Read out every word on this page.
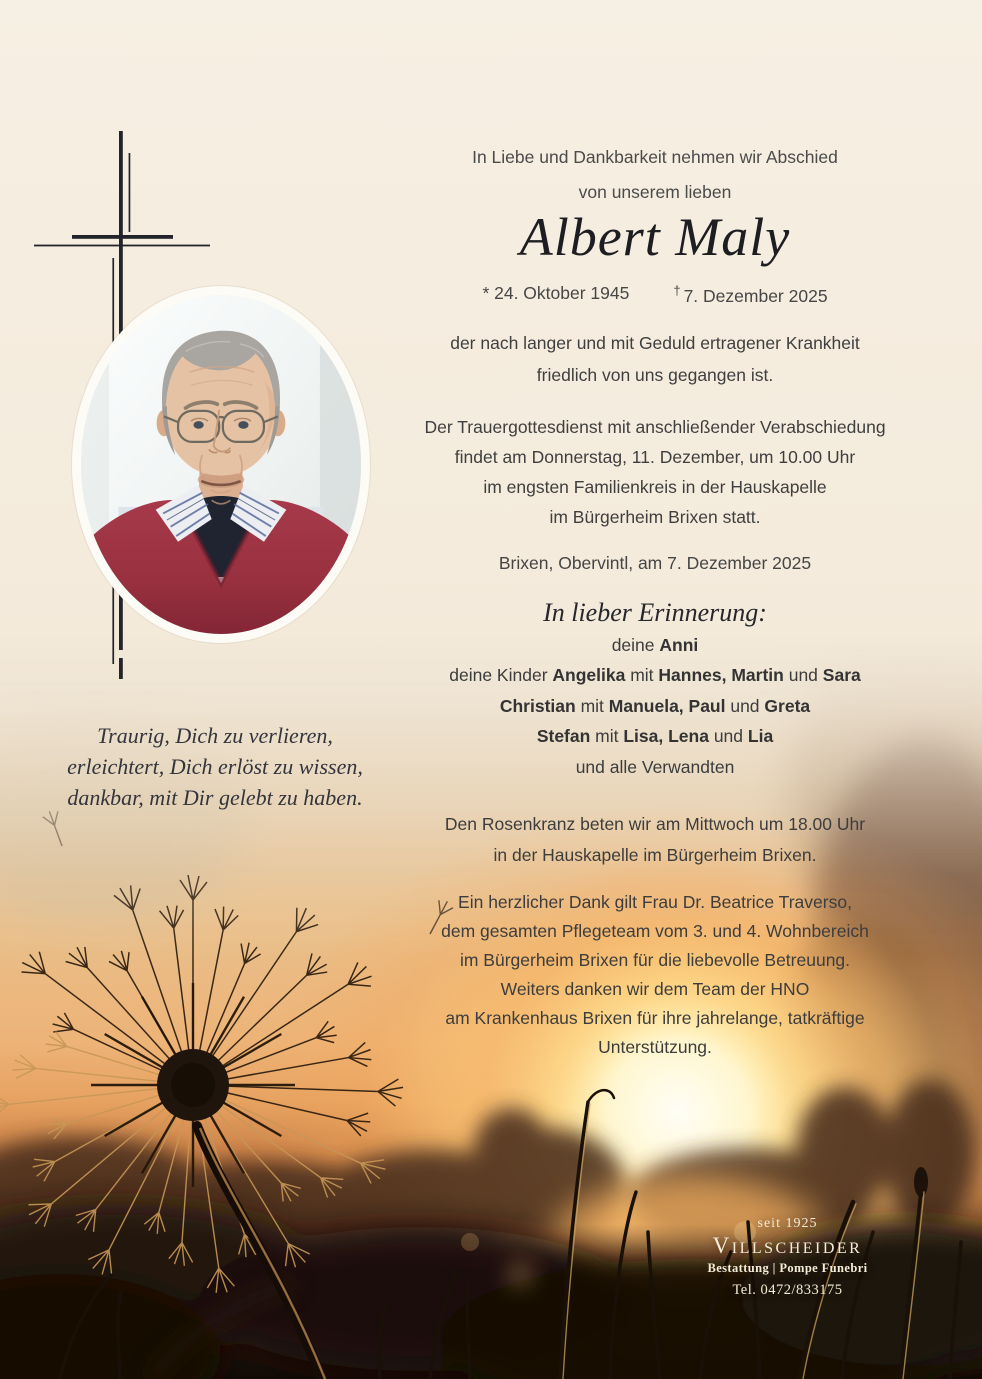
In Liebe und Dankbarkeit nehmen wir Abschied
von unserem lieben
Albert Maly
* 24. Oktober 1945	† 7. Dezember 2025
der nach langer und mit Geduld ertragener Krankheit
friedlich von uns gegangen ist.
Der Trauergottesdienst mit anschließender Verabschiedung
findet am Donnerstag, 11. Dezember, um 10.00 Uhr
im engsten Familienkreis in der Hauskapelle
im Bürgerheim Brixen statt.
Brixen, Obervintl, am 7. Dezember 2025
In lieber Erinnerung:
deine Anni
deine Kinder Angelika mit Hannes, Martin und Sara
Christian mit Manuela, Paul und Greta
Stefan mit Lisa, Lena und Lia
und alle Verwandten
Den Rosenkranz beten wir am Mittwoch um 18.00 Uhr
in der Hauskapelle im Bürgerheim Brixen.
Ein herzlicher Dank gilt Frau Dr. Beatrice Traverso,
dem gesamten Pflegeteam vom 3. und 4. Wohnbereich
im Bürgerheim Brixen für die liebevolle Betreuung.
Weiters danken wir dem Team der HNO
am Krankenhaus Brixen für ihre jahrelange, tatkräftige
Unterstützung.
Traurig, Dich zu verlieren,
erleichtert, Dich erlöst zu wissen,
dankbar, mit Dir gelebt zu haben.
seit 1925
Villscheider
Bestattung | Pompe Funebri
Tel. 0472/833175
